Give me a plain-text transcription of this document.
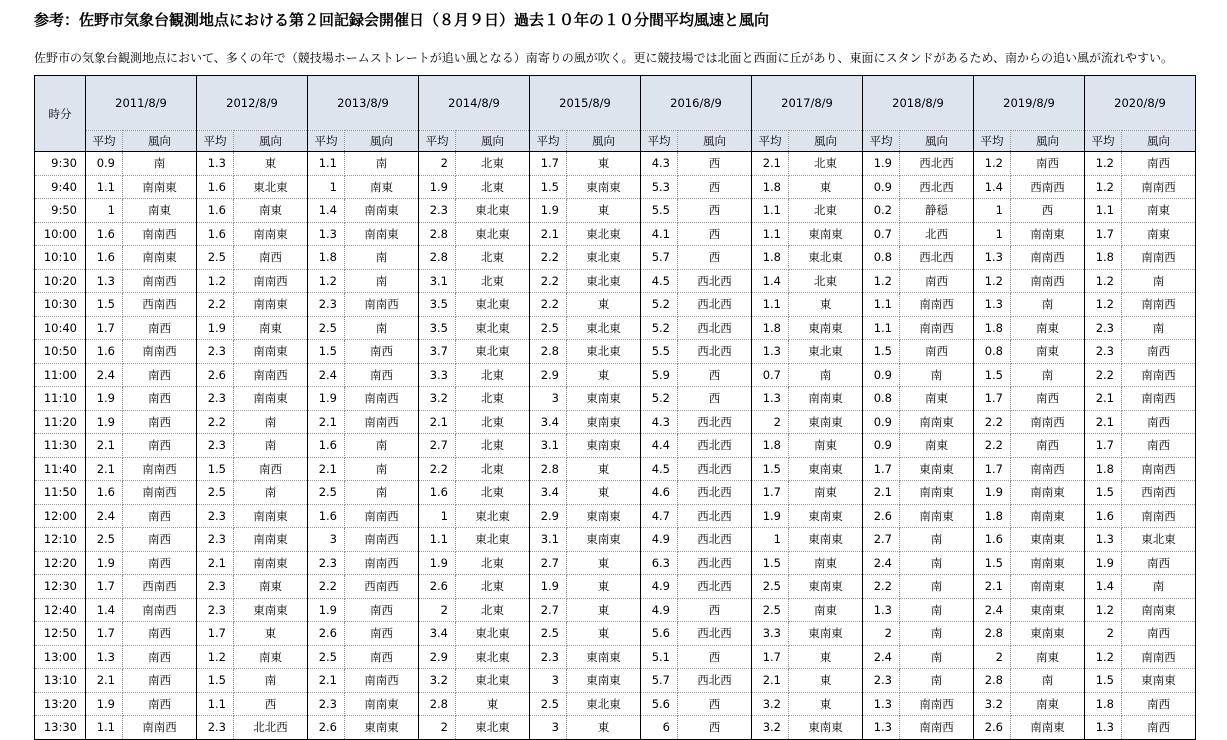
参考：佐野市気象台観測地点における第２回記録会開催日（８月９日）過去１０年の１０分間平均風速と風向
佐野市の気象台観測地点において、多くの年で（競技場ホームストレートが追い風となる）南寄りの風が吹く。更に競技場では北面と西面に丘があり、東面にスタンドがあるため、南からの追い風が流れやすい。
時分	2011/8/9		2012/8/9		2013/8/9		2014/8/9		2015/8/9		2016/8/9		2017/8/9		2018/8/9		2019/8/9		2020/8/9	
	平均	風向	平均	風向	平均	風向	平均	風向	平均	風向	平均	風向	平均	風向	平均	風向	平均	風向	平均	風向
9:30	0.9	南	1.3	東	1.1	南	2	北東	1.7	東	4.3	西	2.1	北東	1.9	西北西	1.2	南西	1.2	南西
9:40	1.1	南南東	1.6	東北東	1	南東	1.9	北東	1.5	東南東	5.3	西	1.8	東	0.9	西北西	1.4	西南西	1.2	南南西
9:50	1	南東	1.6	南東	1.4	南南東	2.3	東北東	1.9	東	5.5	西	1.1	北東	0.2	静穏	1	西	1.1	南東
10:00	1.6	南南西	1.6	南南東	1.3	南南東	2.8	東北東	2.1	東北東	4.1	西	1.1	東南東	0.7	北西	1	南南東	1.7	南東
10:10	1.6	南南東	2.5	南西	1.8	南	2.8	北東	2.2	東北東	5.7	西	1.8	東北東	0.8	西北西	1.3	南南西	1.8	南南西
10:20	1.3	南南西	1.2	南南西	1.2	南	3.1	北東	2.2	東北東	4.5	西北西	1.4	北東	1.2	南西	1.2	南南西	1.2	南
10:30	1.5	西南西	2.2	南南東	2.3	南南西	3.5	東北東	2.2	東	5.2	西北西	1.1	東	1.1	南南西	1.3	南	1.2	南南西
10:40	1.7	南西	1.9	南東	2.5	南	3.5	東北東	2.5	東北東	5.2	西北西	1.8	東南東	1.1	南南西	1.8	南東	2.3	南
10:50	1.6	南南西	2.3	南南東	1.5	南西	3.7	東北東	2.8	東北東	5.5	西北西	1.3	東北東	1.5	南西	0.8	南東	2.3	南西
11:00	2.4	南西	2.6	南南西	2.4	南西	3.3	北東	2.9	東	5.9	西	0.7	南	0.9	南	1.5	南	2.2	南南西
11:10	1.9	南西	2.3	南南東	1.9	南南西	3.2	北東	3	東南東	5.2	西	1.3	南南東	0.8	南東	1.7	南西	2.1	南南西
11:20	1.9	南西	2.2	南	2.1	南南西	2.1	北東	3.4	東南東	4.3	西北西	2	東南東	0.9	南南東	2.2	南南西	2.1	南西
11:30	2.1	南西	2.3	南	1.6	南	2.7	北東	3.1	東南東	4.4	西北西	1.8	南東	0.9	南東	2.2	南西	1.7	南西
11:40	2.1	南南西	1.5	南西	2.1	南	2.2	北東	2.8	東	4.5	西北西	1.5	東南東	1.7	東南東	1.7	南南西	1.8	南南西
11:50	1.6	南南西	2.5	南	2.5	南	1.6	北東	3.4	東	4.6	西北西	1.7	南東	2.1	南南東	1.9	南南東	1.5	西南西
12:00	2.4	南西	2.3	南南東	1.6	南南西	1	東北東	2.9	東南東	4.7	西北西	1.9	東南東	2.6	南南東	1.8	南南東	1.6	南南西
12:10	2.5	南西	2.3	南南東	3	南南西	1.1	東北東	3.1	東南東	4.9	西北西	1	東南東	2.7	南	1.6	東南東	1.3	東北東
12:20	1.9	南西	2.1	南南東	2.3	南南西	1.9	北東	2.7	東	6.3	西北西	1.5	南東	2.4	南	1.5	南南東	1.9	南西
12:30	1.7	西南西	2.3	南東	2.2	西南西	2.6	北東	1.9	東	4.9	西北西	2.5	東南東	2.2	南	2.1	南南東	1.4	南
12:40	1.4	南南西	2.3	東南東	1.9	南西	2	北東	2.7	東	4.9	西	2.5	南東	1.3	南	2.4	東南東	1.2	南南東
12:50	1.7	南西	1.7	東	2.6	南西	3.4	東北東	2.5	東	5.6	西北西	3.3	東南東	2	南	2.8	東南東	2	南西
13:00	1.3	南西	1.2	南東	2.5	南西	2.9	東北東	2.3	東南東	5.1	西	1.7	東	2.4	南	2	南東	1.2	南南西
13:10	2.1	南西	1.5	南	2.1	南南西	3.2	東北東	3	東南東	5.7	西北西	2.1	東	2.3	南	2.8	南	1.5	東南東
13:20	1.9	南西	1.1	西	2.3	南南東	2.8	東	2.5	東北東	5.6	西	3.2	東	1.3	南南西	3.2	南東	1.8	南西
13:30	1.1	南南西	2.3	北北西	2.6	東南東	2	東北東	3	東	6	西	3.2	東南東	1.3	南南西	2.6	南南東	1.3	南西
